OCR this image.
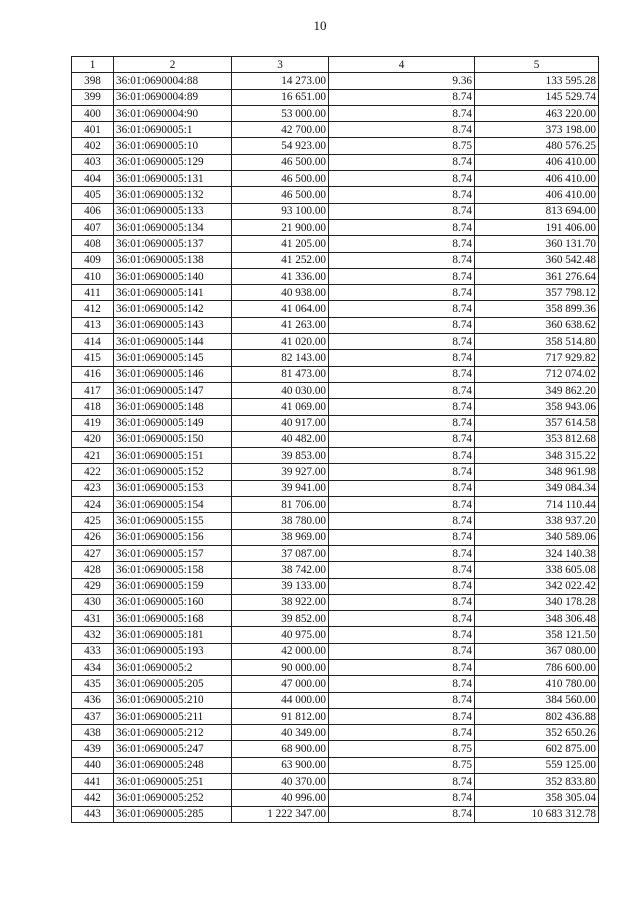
10
1	2	3	4	5
398	36:01:0690004:88	14 273.00	9.36	133 595.28
399	36:01:0690004:89	16 651.00	8.74	145 529.74
400	36:01:0690004:90	53 000.00	8.74	463 220.00
401	36:01:0690005:1	42 700.00	8.74	373 198.00
402	36:01:0690005:10	54 923.00	8.75	480 576.25
403	36:01:0690005:129	46 500.00	8.74	406 410.00
404	36:01:0690005:131	46 500.00	8.74	406 410.00
405	36:01:0690005:132	46 500.00	8.74	406 410.00
406	36:01:0690005:133	93 100.00	8.74	813 694.00
407	36:01:0690005:134	21 900.00	8.74	191 406.00
408	36:01:0690005:137	41 205.00	8.74	360 131.70
409	36:01:0690005:138	41 252.00	8.74	360 542.48
410	36:01:0690005:140	41 336.00	8.74	361 276.64
411	36:01:0690005:141	40 938.00	8.74	357 798.12
412	36:01:0690005:142	41 064.00	8.74	358 899.36
413	36:01:0690005:143	41 263.00	8.74	360 638.62
414	36:01:0690005:144	41 020.00	8.74	358 514.80
415	36:01:0690005:145	82 143.00	8.74	717 929.82
416	36:01:0690005:146	81 473.00	8.74	712 074.02
417	36:01:0690005:147	40 030.00	8.74	349 862.20
418	36:01:0690005:148	41 069.00	8.74	358 943.06
419	36:01:0690005:149	40 917.00	8.74	357 614.58
420	36:01:0690005:150	40 482.00	8.74	353 812.68
421	36:01:0690005:151	39 853.00	8.74	348 315.22
422	36:01:0690005:152	39 927.00	8.74	348 961.98
423	36:01:0690005:153	39 941.00	8.74	349 084.34
424	36:01:0690005:154	81 706.00	8.74	714 110.44
425	36:01:0690005:155	38 780.00	8.74	338 937.20
426	36:01:0690005:156	38 969.00	8.74	340 589.06
427	36:01:0690005:157	37 087.00	8.74	324 140.38
428	36:01:0690005:158	38 742.00	8.74	338 605.08
429	36:01:0690005:159	39 133.00	8.74	342 022.42
430	36:01:0690005:160	38 922.00	8.74	340 178.28
431	36:01:0690005:168	39 852.00	8.74	348 306.48
432	36:01:0690005:181	40 975.00	8.74	358 121.50
433	36:01:0690005:193	42 000.00	8.74	367 080.00
434	36:01:0690005:2	90 000.00	8.74	786 600.00
435	36:01:0690005:205	47 000.00	8.74	410 780.00
436	36:01:0690005:210	44 000.00	8.74	384 560.00
437	36:01:0690005:211	91 812.00	8.74	802 436.88
438	36:01:0690005:212	40 349.00	8.74	352 650.26
439	36:01:0690005:247	68 900.00	8.75	602 875.00
440	36:01:0690005:248	63 900.00	8.75	559 125.00
441	36:01:0690005:251	40 370.00	8.74	352 833.80
442	36:01:0690005:252	40 996.00	8.74	358 305.04
443	36:01:0690005:285	1 222 347.00	8.74	10 683 312.78
